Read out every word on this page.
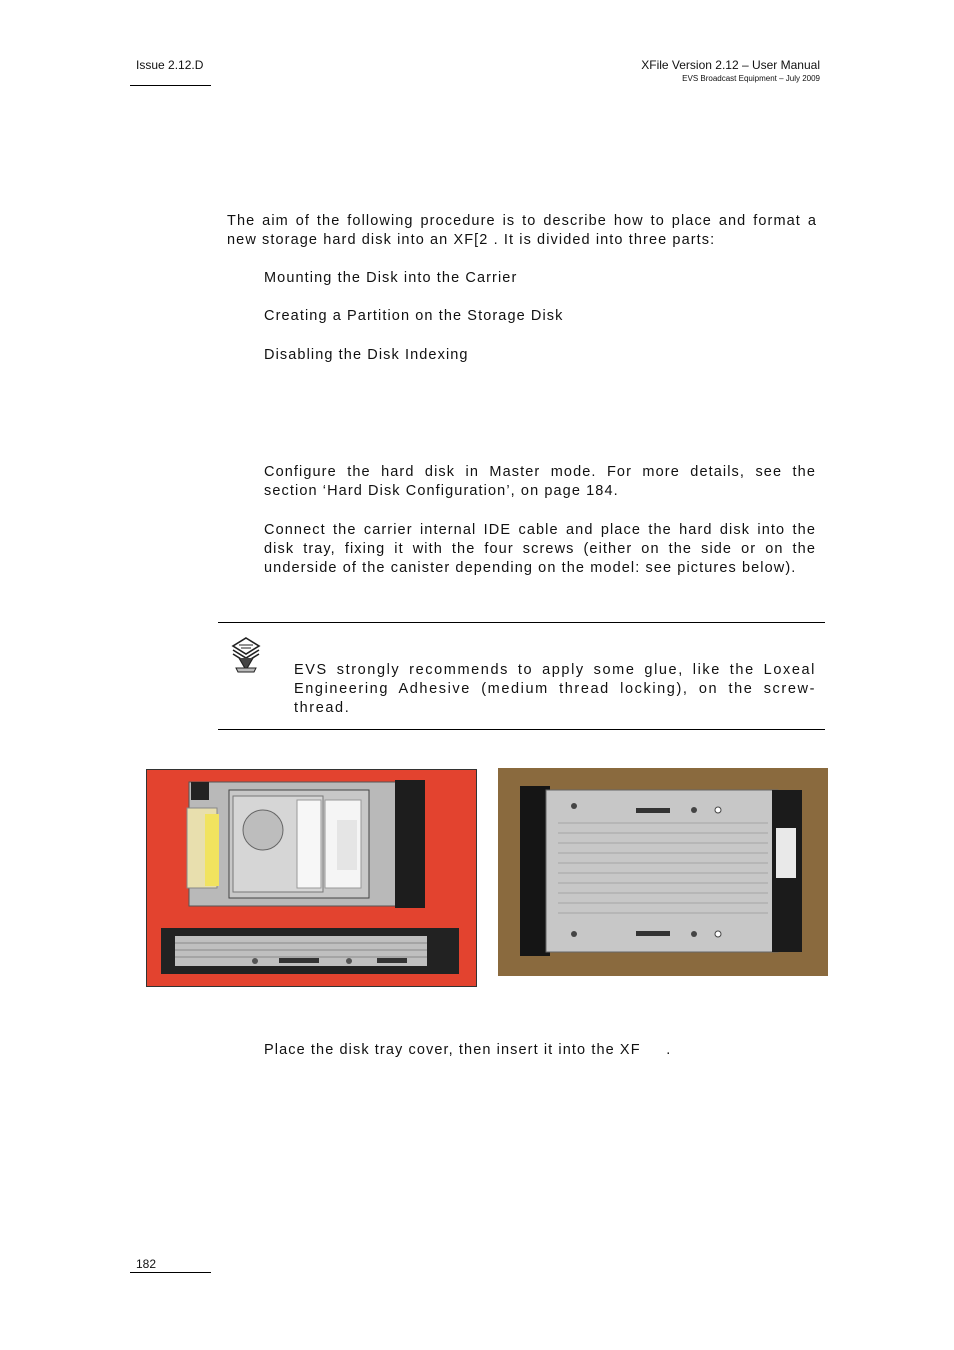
Issue 2.12.D	XFile Version 2.12 – User Manual
EVS Broadcast Equipment – July 2009
The aim of the following procedure is to describe how to place and format a new storage hard disk into an XF[2 . It is divided into three parts:
Mounting the Disk into the Carrier
Creating a Partition on the Storage Disk
Disabling the Disk Indexing
Configure the hard disk in Master mode. For more details, see the section ‘Hard Disk Configuration’, on page 184.
Connect the carrier internal IDE cable and place the hard disk into the disk tray, fixing it with the four screws (either on the side or on the underside of the canister depending on the model: see pictures below).
EVS strongly recommends to apply some glue, like the Loxeal Engineering Adhesive (medium thread locking), on the screw-thread.
Place the disk tray cover, then insert it into the XF     .
182
